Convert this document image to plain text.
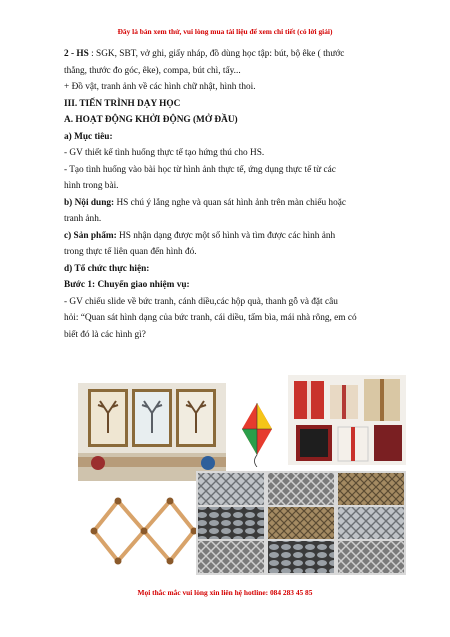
Đây là bản xem thử, vui lòng mua tài liệu để xem chi tiết (có lời giải)
2 - HS : SGK, SBT, vở ghi, giấy nháp, đồ dùng học tập: bút, bộ êke ( thước
thẳng, thước đo góc, êke), compa, bút chì, tẩy...
+ Đồ vật, tranh ảnh về các hình chữ nhật, hình thoi.
III. TIẾN TRÌNH DẠY HỌC
A. HOẠT ĐỘNG KHỞI ĐỘNG (MỞ ĐẦU)
a) Mục tiêu:
- GV thiết kế tình huống thực tế tạo hứng thú cho HS.
- Tạo tình huống vào bài học từ hình ảnh thực tế, ứng dụng thực tế từ các
hình trong bài.
b) Nội dung: HS chú ý lắng nghe và quan sát hình ảnh trên màn chiếu hoặc
tranh ảnh.
c) Sản phẩm: HS nhận dạng được một số hình và tìm được các hình ảnh
trong thực tế liên quan đến hình đó.
d) Tổ chức thực hiện:
Bước 1: Chuyển giao nhiệm vụ:
- GV chiếu slide về bức tranh, cánh diều,các hộp quà, thanh gỗ và đặt câu
hỏi: “Quan sát hình dạng của bức tranh, cái diều, tấm bìa, mái nhà rông, em có
biết đó là các hình gì?
Mọi thắc mắc vui lòng xin liên hệ hotline: 084 283 45 85
